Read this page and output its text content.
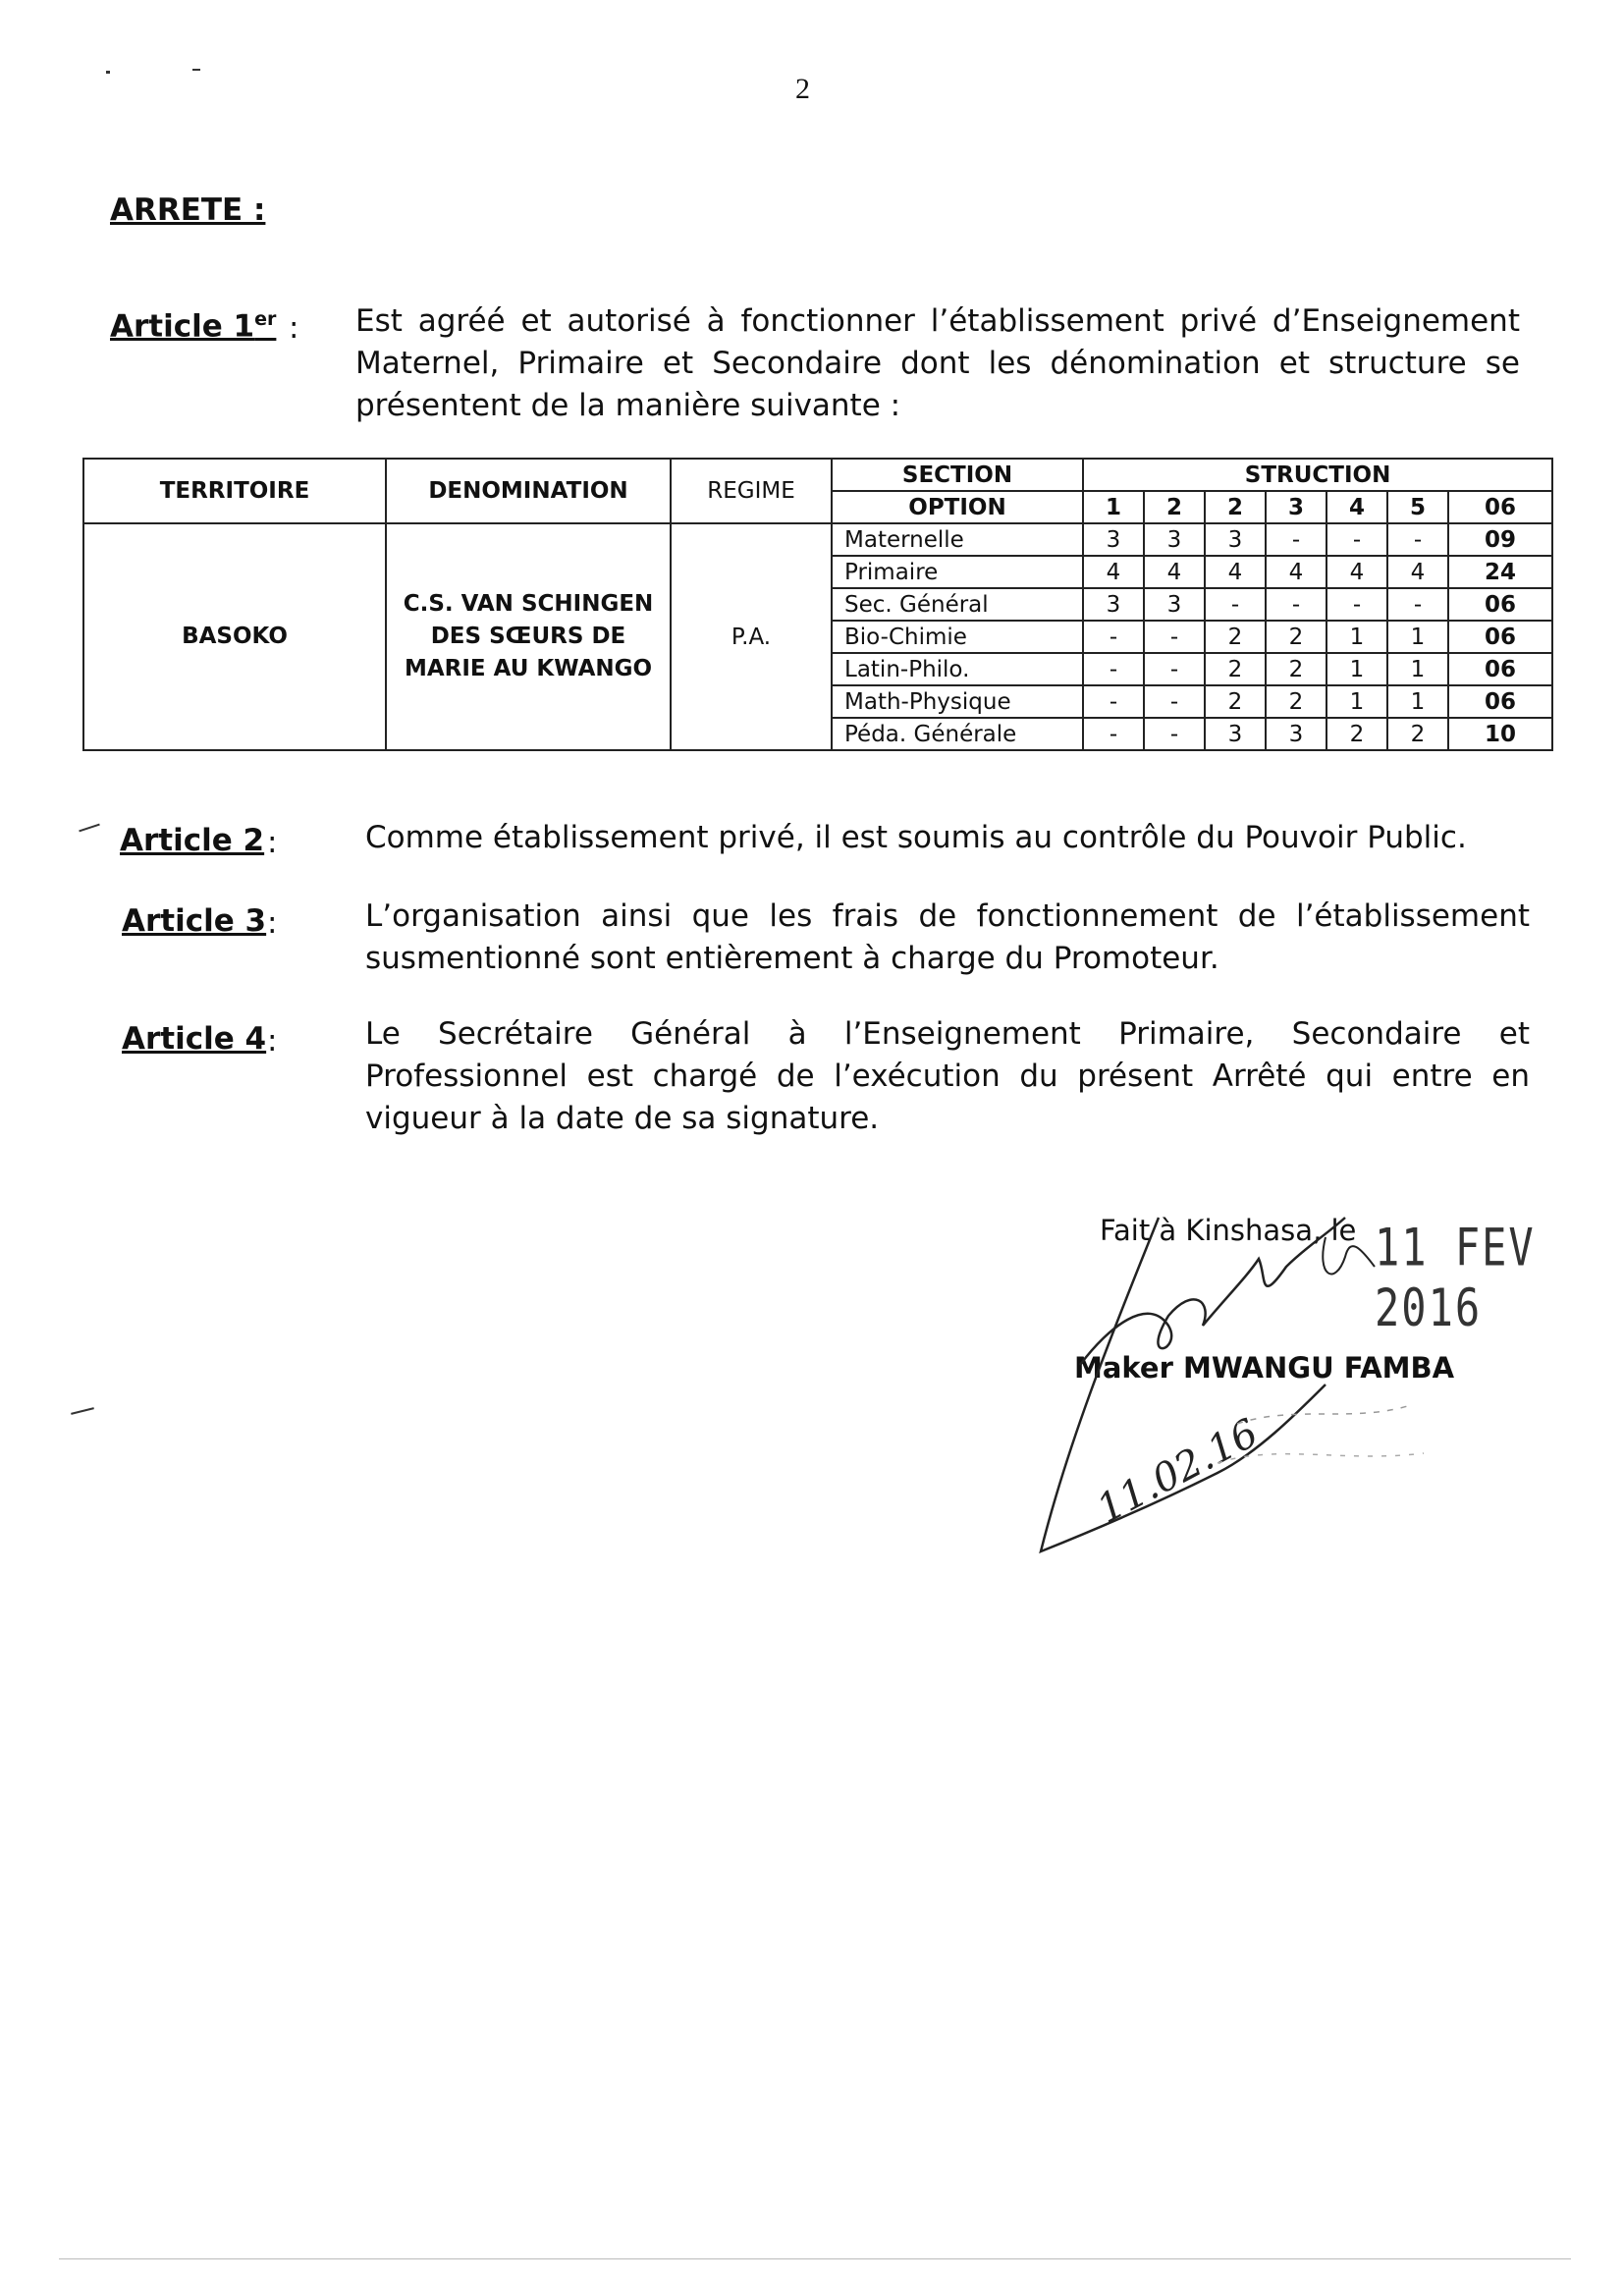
2
ARRETE :
Article 1er : Est agréé et autorisé à fonctionner l’établissement privé d’Enseignement Maternel, Primaire et Secondaire dont les dénomination et structure se présentent de la manière suivante :
TERRITOIRE	DENOMINATION	REGIME	SECTION	STRUCTION						
			OPTION	1	2	2	3	4	5	06
BASOKO	C.S. VAN SCHINGEN DES SŒURS DE MARIE AU KWANGO	P.A.	Maternelle	3	3	3	-	-	-	09
			Primaire	4	4	4	4	4	4	24
			Sec. Général	3	3	-	-	-	-	06
			Bio-Chimie	-	-	2	2	1	1	06
			Latin-Philo.	-	-	2	2	1	1	06
			Math-Physique	-	-	2	2	1	1	06
			Péda. Générale	-	-	3	3	2	2	10
Article 2 :	Comme établissement privé, il est soumis au contrôle du Pouvoir Public.
Article 3 :	L’organisation ainsi que les frais de fonctionnement de l’établissement susmentionné sont entièrement à charge du Promoteur.
Article 4 :	Le Secrétaire Général à l’Enseignement Primaire, Secondaire et Professionnel est chargé de l’exécution du présent Arrêté qui entre en vigueur à la date de sa signature.
Fait à Kinshasa, le 11 FEV 2016
Maker MWANGU FAMBA
11.02.16
